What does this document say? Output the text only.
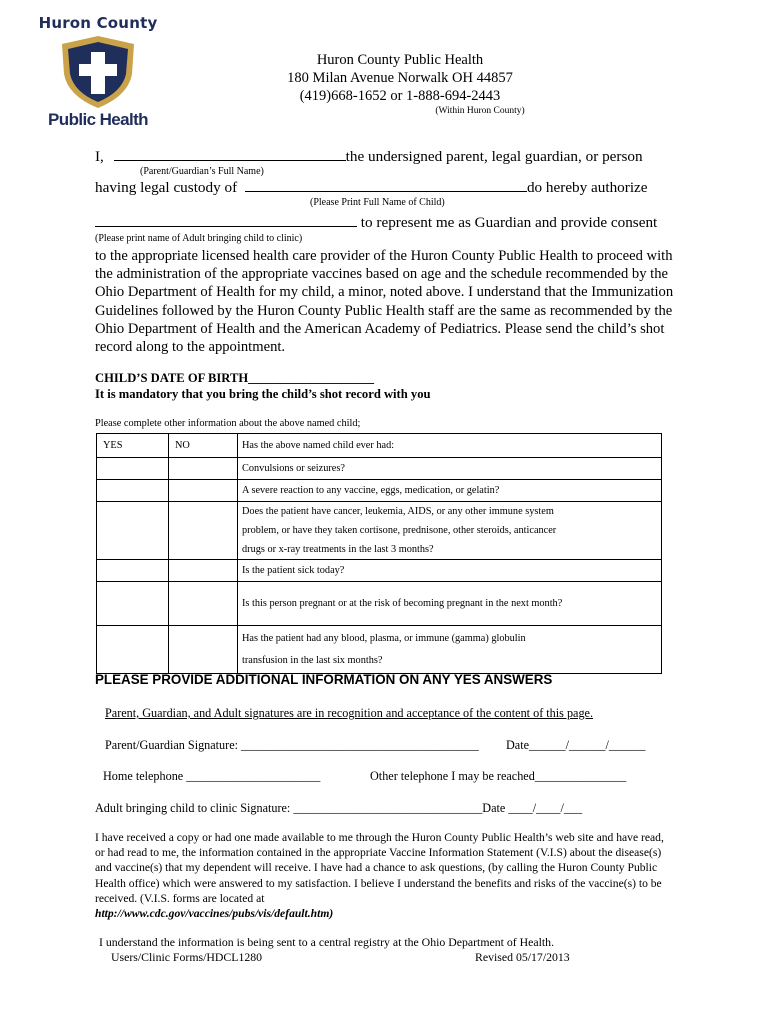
Huron County
Public Health
Huron County Public Health
180 Milan Avenue Norwalk OH 44857
(419)668-1652 or 1-888-694-2443
(Within Huron County)
I,	the undersigned parent, legal guardian, or person
(Parent/Guardian’s Full Name)
having legal custody of	do hereby authorize
(Please Print Full Name of Child)
to represent me as Guardian and provide consent
(Please print name of Adult bringing child to clinic)
to the appropriate licensed health care provider of the Huron County Public Health to proceed with the administration of the appropriate vaccines based on age and the schedule recommended by the Ohio Department of Health for my child, a minor, noted above. I understand that the Immunization Guidelines followed by the Huron County Public Health staff are the same as recommended by the Ohio Department of Health and the American Academy of Pediatrics. Please send the child’s shot record along to the appointment.
CHILD’S DATE OF BIRTH____________________
It is mandatory that you bring the child’s shot record with you
Please complete other information about the above named child;
YES	NO	Has the above named child ever had:
		Convulsions or seizures?
		A severe reaction to any vaccine, eggs, medication, or gelatin?

		Does the patient have cancer, leukemia, AIDS, or any other immune system
problem, or have they taken cortisone, prednisone, other steroids, anticancer
drugs or x-ray treatments in the last 3 months?

		Is the patient sick today?
		Is this person pregnant or at the risk of becoming pregnant in the next month?

		Has the patient had any blood, plasma, or immune (gamma) globulin
transfusion in the last six months?
PLEASE PROVIDE ADDITIONAL INFORMATION ON ANY YES ANSWERS
Parent, Guardian, and Adult signatures are in recognition and acceptance of the content of this page.
Parent/Guardian Signature: _______________________________________ Date______/______/______
Home telephone ______________________	Other telephone I may be reached_______________
Adult bringing child to clinic Signature: _______________________________Date ____/____/___
I have received a copy or had one made available to me through the Huron County Public Health’s web site and have read, or had read to me, the information contained in the appropriate Vaccine Information Statement (V.I.S) about the disease(s) and vaccine(s) that my dependent will receive. I have had a chance to ask questions, (by calling the Huron County Public Health office) which were answered to my satisfaction. I believe I understand the benefits and risks of the vaccine(s) to be received. (V.I.S. forms are located at
http://www.cdc.gov/vaccines/pubs/vis/default.htm)
I understand the information is being sent to a central registry at the Ohio Department of Health.
Users/Clinic Forms/HDCL1280	Revised 05/17/2013
